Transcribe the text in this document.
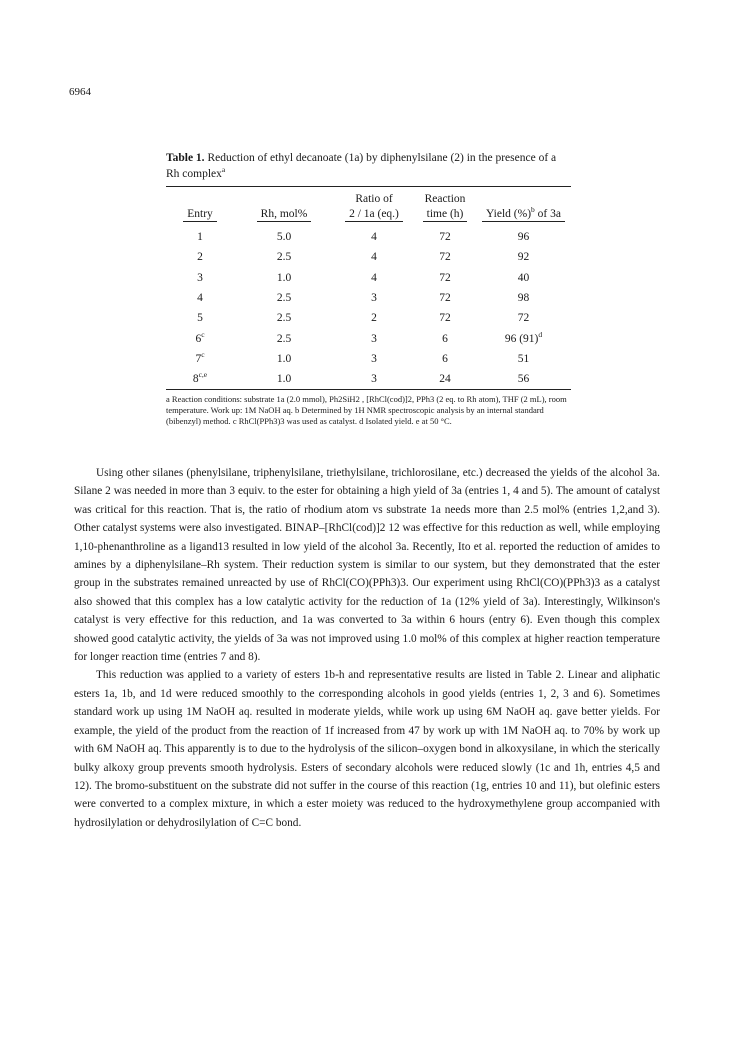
6964
Table 1. Reduction of ethyl decanoate (1a) by diphenylsilane (2) in the presence of a Rh complex$^a$
		Ratio of	Reaction	
Entry	Rh, mol%	2 / 1a (eq.)	time (h)	Yield (%)$^b$ of 3a
1	5.0	4	72	96
2	2.5	4	72	92
3	1.0	4	72	40
4	2.5	3	72	98
5	2.5	2	72	72
6$^c$	2.5	3	6	96 $(91)^d$
7$^c$	1.0	3	6	51
8$^{c,e}$	1.0	3	24	56
a Reaction conditions: substrate 1a (2.0 mmol), Ph2SiH2 , [RhCl(cod)]2, PPh3 (2 eq. to Rh atom), THF (2 mL), room temperature. Work up: 1M NaOH aq. b Determined by 1H NMR spectroscopic analysis by an internal standard (bibenzyl) method. c RhCl(PPh3)3 was used as catalyst. d Isolated yield. e at 50 °C.

Using other silanes (phenylsilane, triphenylsilane, triethylsilane, trichlorosilane, etc.) decreased the yields of the alcohol 3a. Silane 2 was needed in more than 3 equiv. to the ester for obtaining a high yield of 3a (entries 1, 4 and 5). The amount of catalyst was critical for this reaction. That is, the ratio of rhodium atom vs substrate 1a needs more than 2.5 mol% (entries 1,2,and 3). Other catalyst systems were also investigated. BINAP–[RhCl(cod)]2 12 was effective for this reduction as well, while employing 1,10-phenanthroline as a ligand13 resulted in low yield of the alcohol 3a. Recently, Ito et al. reported the reduction of amides to amines by a diphenylsilane–Rh system. Their reduction system is similar to our system, but they demonstrated that the ester group in the substrates remained unreacted by use of RhCl(CO)(PPh3)3. Our experiment using RhCl(CO)(PPh3)3 as a catalyst also showed that this complex has a low catalytic activity for the reduction of 1a (12% yield of 3a). Interestingly, Wilkinson's catalyst is very effective for this reduction, and 1a was converted to 3a within 6 hours (entry 6). Even though this complex showed good catalytic activity, the yields of 3a was not improved using 1.0 mol% of this complex at higher reaction temperature for longer reaction time (entries 7 and 8).

This reduction was applied to a variety of esters 1b-h and representative results are listed in Table 2. Linear and aliphatic esters 1a, 1b, and 1d were reduced smoothly to the corresponding alcohols in good yields (entries 1, 2, 3 and 6). Sometimes standard work up using 1M NaOH aq. resulted in moderate yields, while work up using 6M NaOH aq. gave better yields. For example, the yield of the product from the reaction of 1f increased from 47 by work up with 1M NaOH aq. to 70% by work up with 6M NaOH aq. This apparently is to due to the hydrolysis of the silicon–oxygen bond in alkoxysilane, in which the sterically bulky alkoxy group prevents smooth hydrolysis. Esters of secondary alcohols were reduced slowly (1c and 1h, entries 4,5 and 12). The bromo-substituent on the substrate did not suffer in the course of this reaction (1g, entries 10 and 11), but olefinic esters were converted to a complex mixture, in which a ester moiety was reduced to the hydroxymethylene group accompanied with hydrosilylation or dehydrosilylation of C=C bond.
